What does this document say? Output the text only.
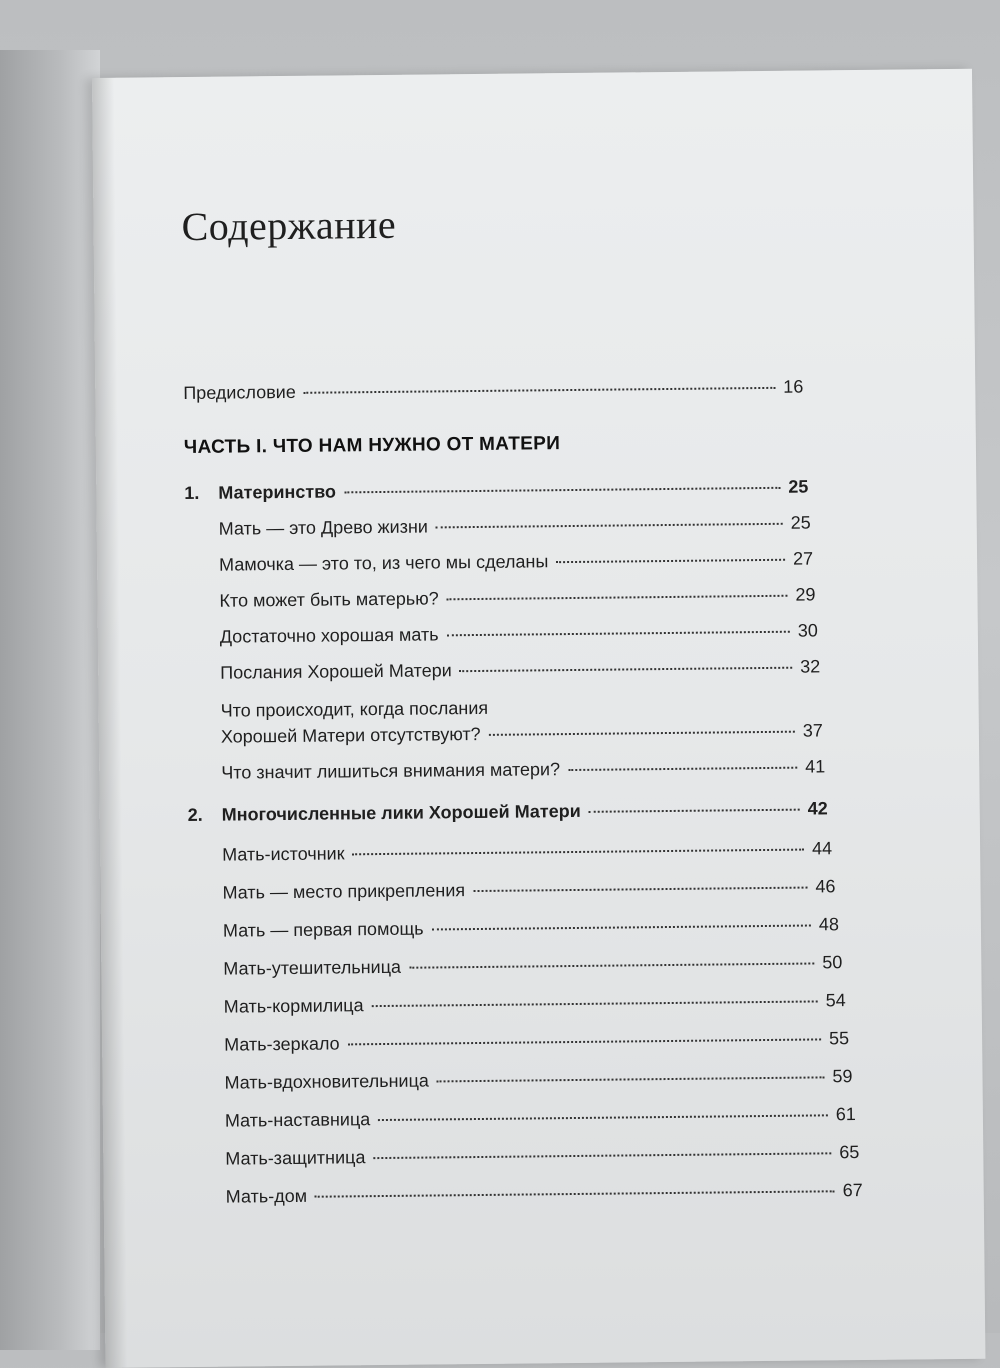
Содержание
Предисловие	16
ЧАСТЬ I. ЧТО НАМ НУЖНО ОТ МАТЕРИ
1.	Материнство	25
Мать — это Древо жизни	25
Мамочка — это то, из чего мы сделаны	27
Кто может быть матерью?	29
Достаточно хорошая мать	30
Послания Хорошей Матери	32
Что происходит, когда послания
Хорошей Матери отсутствуют?	37
Что значит лишиться внимания матери?	41
2.	Многочисленные лики Хорошей Матери	42
Мать-источник	44
Мать — место прикрепления	46
Мать — первая помощь	48
Мать-утешительница	50
Мать-кормилица	54
Мать-зеркало	55
Мать-вдохновительница	59
Мать-наставница	61
Мать-защитница	65
Мать-дом	67
